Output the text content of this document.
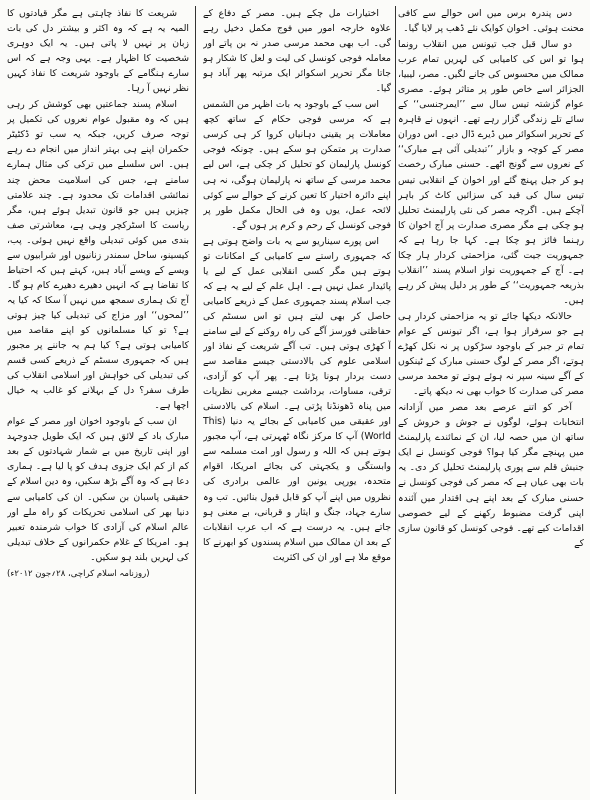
دس پندرہ برس میں اس حوالے سے کافی محنت ہوئی۔ اخوان کوایک نئے ڈھب پر لایا گیا۔

دو سال قبل جب تیونس میں انقلاب رونما ہوا تو اس کی کامیابی کی لہریں تمام عرب ممالک میں محسوس کی جانے لگیں۔ مصر، لیبیا، الجزائر اسے خاص طور پر متاثر ہوئے۔ مصری عوام گزشتہ تیس سال سے ’’ایمرجنسی‘‘ کے سائے تلے زندگی گزار رہے تھے۔ انہوں نے قاہرہ کے تحریر اسکوائر میں ڈیرے ڈال دیے۔ اس دوران مصر کے کوچہ و بازار ’’تبدیلی آئی ہے مبارک‘‘ کے نعروں سے گونج اٹھے۔ حسنی مبارک رخصت ہو کر جیل پہنچ گئے اور اخوان کے انقلابی تیس تیس سال کی قید کی سزائیں کاٹ کر باہر آچکے ہیں۔ اگرچہ مصر کی نئی پارلیمنٹ تحلیل ہو چکی ہے مگر مصری صدارت پر آج اخوان کا رہنما فائز ہو چکا ہے۔ کہا جا رہا ہے کہ جمہوریت جیت گئی، مزاحمتی کردار ہار چکا ہے۔ آج کے جمہوریت نواز اسلام پسند ’’انقلاب بذریعہ جمہوریت‘‘ کے طور پر دلیل پیش کر رہے ہیں۔

حالانکہ دیکھا جائے تو یہ مزاحمتی کردار ہی ہے جو سرفراز ہوا ہے، اگر تیونس کے عوام تمام تر جبر کے باوجود سڑکوں پر نہ نکل کھڑے ہوتے، اگر مصر کے لوگ حسنی مبارک کے ٹینکوں کے آگے سینہ سپر نہ ہوئے ہوتے تو محمد مرسی مصر کی صدارت کا خواب بھی نہ دیکھ پاتے۔

آخر کو اتنے عرصے بعد مصر میں آزادانہ انتخابات ہوئے، لوگوں نے جوش و خروش کے ساتھ ان میں حصہ لیا، ان کے نمائندے پارلیمنٹ میں پہنچے مگر کیا ہوا؟ فوجی کونسل نے ایک جنبش قلم سے پوری پارلیمنٹ تحلیل کر دی۔ یہ بات بھی عیاں ہے کہ مصر کی فوجی کونسل نے حسنی مبارک کے بعد اپنے ہی اقتدار میں آئندہ اپنی گرفت مضبوط رکھنے کے لیے خصوصی اقدامات کیے تھے۔ فوجی کونسل کو قانون سازی کے

اختیارات مل چکے ہیں۔ مصر کے دفاع کے علاوہ خارجہ امور میں فوج مکمل دخیل رہے گی۔ اب بھی محمد مرسی صدر نہ بن پاتے اور معاملہ فوجی کونسل کی لیت و لعل کا شکار ہو جاتا مگر تحریر اسکوائر ایک مرتبہ پھر آباد ہو گیا۔

اس سب کے باوجود یہ بات اظہر من الشمس ہے کہ مرسی فوجی حکام کے ساتھ کچھ معاملات پر یقینی دہانیاں کروا کر ہی کرسی صدارت پر متمکن ہو سکے ہیں۔ چونکہ فوجی کونسل پارلیمان کو تحلیل کر چکی ہے، اس لیے محمد مرسی کے ساتھ نہ پارلیمان ہوگی، نہ ہی اپنے دائرہ اختیار کا تعین کرنے کے حوالے سے کوئی لائحہ عمل، یوں وہ فی الحال مکمل طور پر فوجی کونسل کے رحم و کرم پر ہوں گے۔

اس پورے سیناریو سے یہ بات واضح ہوتی ہے کہ جمہوری راستے سے کامیابی کے امکانات تو ہوتے ہیں مگر کسی انقلابی عمل کے لیے یا پائیدار عمل نہیں ہے۔ اہل علم کے لیے یہ ہے کہ جب اسلام پسند جمہوری عمل کے ذریعے کامیابی حاصل کر بھی لیتے ہیں تو اس سسٹم کی حفاظتی فورسز آگے کی راہ روکنے کے لیے سامنے آ کھڑی ہوتی ہیں۔ تب آگے شریعت کے نفاذ اور اسلامی علوم کی بالادستی جیسے مقاصد سے دست بردار ہونا پڑتا ہے۔ پھر آپ کو آزادی، ترقی، مساوات، برداشت جیسے مغربی نظریات میں پناہ ڈھونڈنا پڑتی ہے۔ اسلام کی بالادستی اور عقیقی میں کامیابی کے بجائے یہ دنیا (This World) آپ کا مرکز نگاہ ٹھہرتی ہے، آپ مجبور ہوتے ہیں کہ اللہ و رسول اور امت مسلمہ سے وابستگی و یکجہتی کی بجائے امریکا، اقوام متحدہ، یورپی یونین اور عالمی برادری کی نظروں میں اپنے آپ کو قابل قبول بنائیں۔ تب وہ سارے جہاد، جنگ و ایثار و قربانی، بے معنی ہو جاتے ہیں۔ یہ درست ہے کہ اب عرب انقلابات کے بعد ان ممالک میں اسلام پسندوں کو ابھرنے کا موقع ملا ہے اور ان کی اکثریت

شریعت کا نفاذ چاہتی ہے مگر قیادتوں کا المیہ یہ ہے کہ وہ اکثر و بیشتر دل کی بات زبان پر نہیں لا پاتی ہیں۔ یہ ایک دوہری شخصیت کا اظہار ہے۔ یہی وجہ ہے کہ اس سارے ہنگامے کے باوجود شریعت کا نفاذ کہیں نظر نہیں آ رہا۔

اسلام پسند جماعتیں بھی کوشش کر رہی ہیں کہ وہ مقبول عوام نعروں کی تکمیل پر توجہ صرف کریں، جبکہ یہ سب تو ڈکٹیٹر حکمران اپنے ہی بہتر انداز میں انجام دے رہے ہیں۔ اس سلسلے میں ترکی کی مثال ہمارے سامنے ہے، جس کی اسلامیت محض چند نمائشی اقدامات تک محدود ہے۔ چند علامتی چیزیں ہیں جو قانون تبدیل ہوئے ہیں، مگر ریاست کا اسٹرکچر وہی ہے، معاشرتی صف بندی میں کوئی تبدیلی واقع نہیں ہوئی۔ پب، کیسینو، ساحل سمندر زنانیوں اور شرابیوں سے ویسے کے ویسے آباد ہیں، کہتے ہیں کہ احتیاط کا تقاضا ہے کہ انہیں دھیرے دھیرے کام ہو گا۔ آج تک ہماری سمجھ میں نہیں آ سکا کہ کیا یہ ’’لمحوں‘‘ اور مزاج کی تبدیلی کیا چیز ہوتی ہے؟ تو کیا مسلمانوں کو اپنے مقاصد میں کامیابی ہوتی ہے؟ کیا ہم یہ جاننے پر مجبور ہیں کہ جمہوری سسٹم کے ذریعے کسی قسم کی تبدیلی کی خواہش اور اسلامی انقلاب کی طرف سفر؟ دل کے بہلانے کو غالب یہ خیال اچھا ہے۔

ان سب کے باوجود اخوان اور مصر کے عوام مبارک باد کے لائق ہیں کہ ایک طویل جدوجہد اور اپنی تاریخ میں بے شمار شہادتوں کے بعد کم از کم ایک جزوی ہدف کو پا لیا ہے۔ ہماری دعا ہے کہ وہ آگے بڑھ سکیں، وہ دین اسلام کے حقیقی پاسبان بن سکیں۔ ان کی کامیابی سے دنیا بھر کی اسلامی تحریکات کو راہ ملے اور عالم اسلام کی آزادی کا خواب شرمندہ تعبیر ہو۔ امریکا کے غلام حکمرانوں کے خلاف تبدیلی کی لہریں بلند ہو سکیں۔

(روزنامہ اسلام کراچی، ۲۸؍جون ۲۰۱۲ء)
